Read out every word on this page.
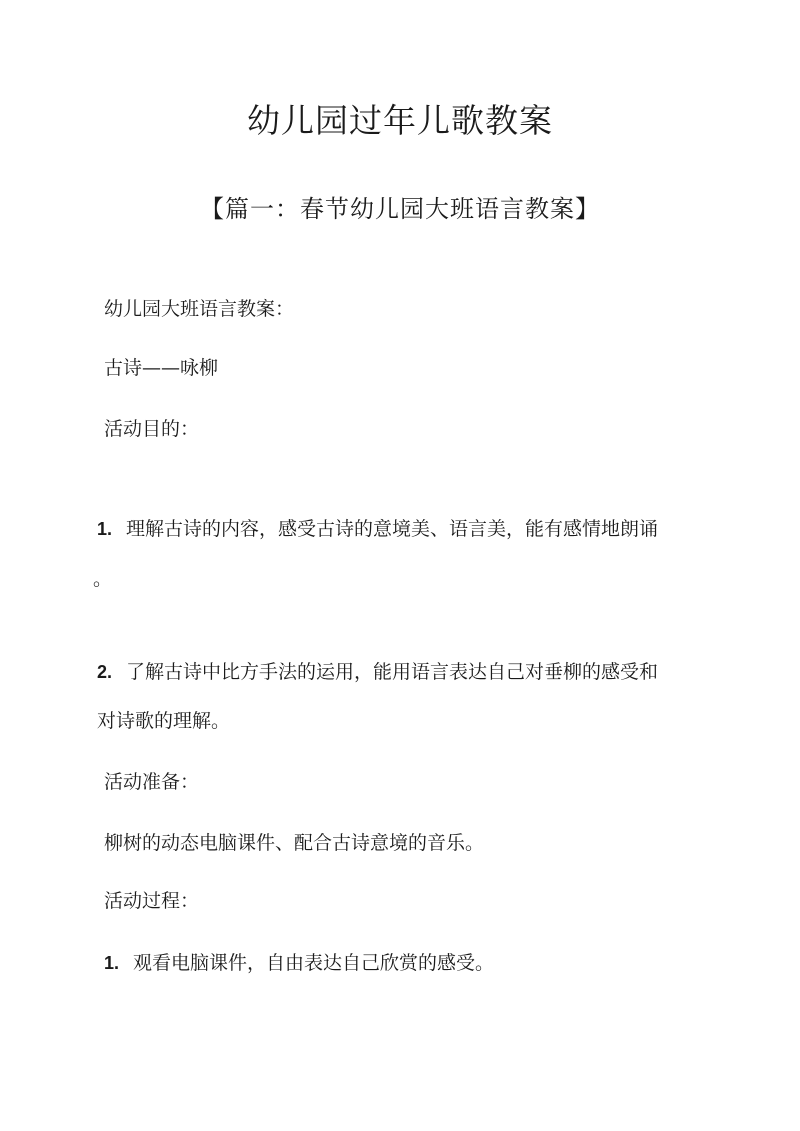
幼儿园过年儿歌教案
【篇一：春节幼儿园大班语言教案】

幼儿园大班语言教案：

古诗——咏柳

活动目的：

1. 理解古诗的内容，感受古诗的意境美、语言美，能有感情地朗诵

。

2. 了解古诗中比方手法的运用，能用语言表达自己对垂柳的感受和

对诗歌的理解。

活动准备：

柳树的动态电脑课件、配合古诗意境的音乐。

活动过程：

1. 观看电脑课件，自由表达自己欣赏的感受。
